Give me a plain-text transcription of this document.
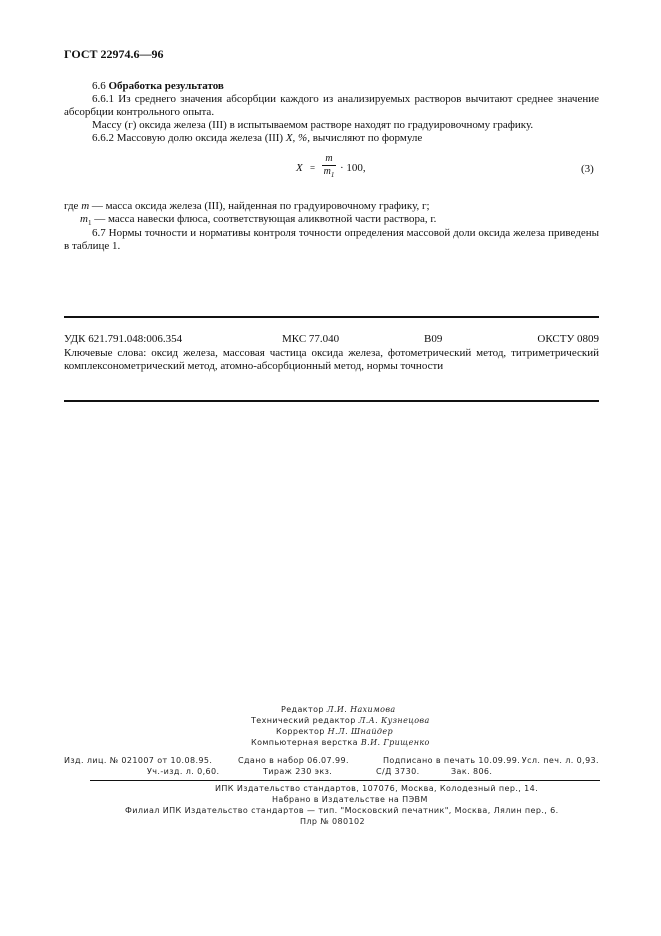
ГОСТ 22974.6—96
6.6 Обработка результатов
6.6.1 Из среднего значения абсорбции каждого из анализируемых растворов вычитают среднее значение абсорбции контрольного опыта.
Массу (г) оксида железа (III) в испытываемом растворе находят по градуировочному графику.
6.6.2 Массовую долю оксида железа (III) X, %, вычисляют по формуле
X =
m
$m_1$
· 100,	(3)
где m — масса оксида железа (III), найденная по градуировочному графику, г;
$m_1$ — масса навески флюса, соответствующая аликвотной части раствора, г.
6.7 Нормы точности и нормативы контроля точности определения массовой доли оксида железа приведены в таблице 1.
УДК 621.791.048:006.354	МКС 77.040	В09	ОКСТУ 0809
Ключевые слова: оксид железа, массовая частица оксида железа, фотометрический метод, титриметрический комплексонометрический метод, атомно-абсорбционный метод, нормы точности
Редактор Л.И. Нахимова
Технический редактор Л.А. Кузнецова
Корректор Н.Л. Шнайдер
Компьютерная верстка В.И. Грищенко
Изд. лиц. № 021007 от 10.08.95.	Сдано в набор 06.07.99.	Подписано в печать 10.09.99. Усл. печ. л. 0,93.
Уч.-изд. л. 0,60.	Тираж 230 экз.	С/Д 3730.	Зак. 806.
ИПК Издательство стандартов, 107076, Москва, Колодезный пер., 14.
Набрано в Издательстве на ПЭВМ
Филиал ИПК Издательство стандартов — тип. "Московский печатник", Москва, Лялин пер., 6.
Плр № 080102
